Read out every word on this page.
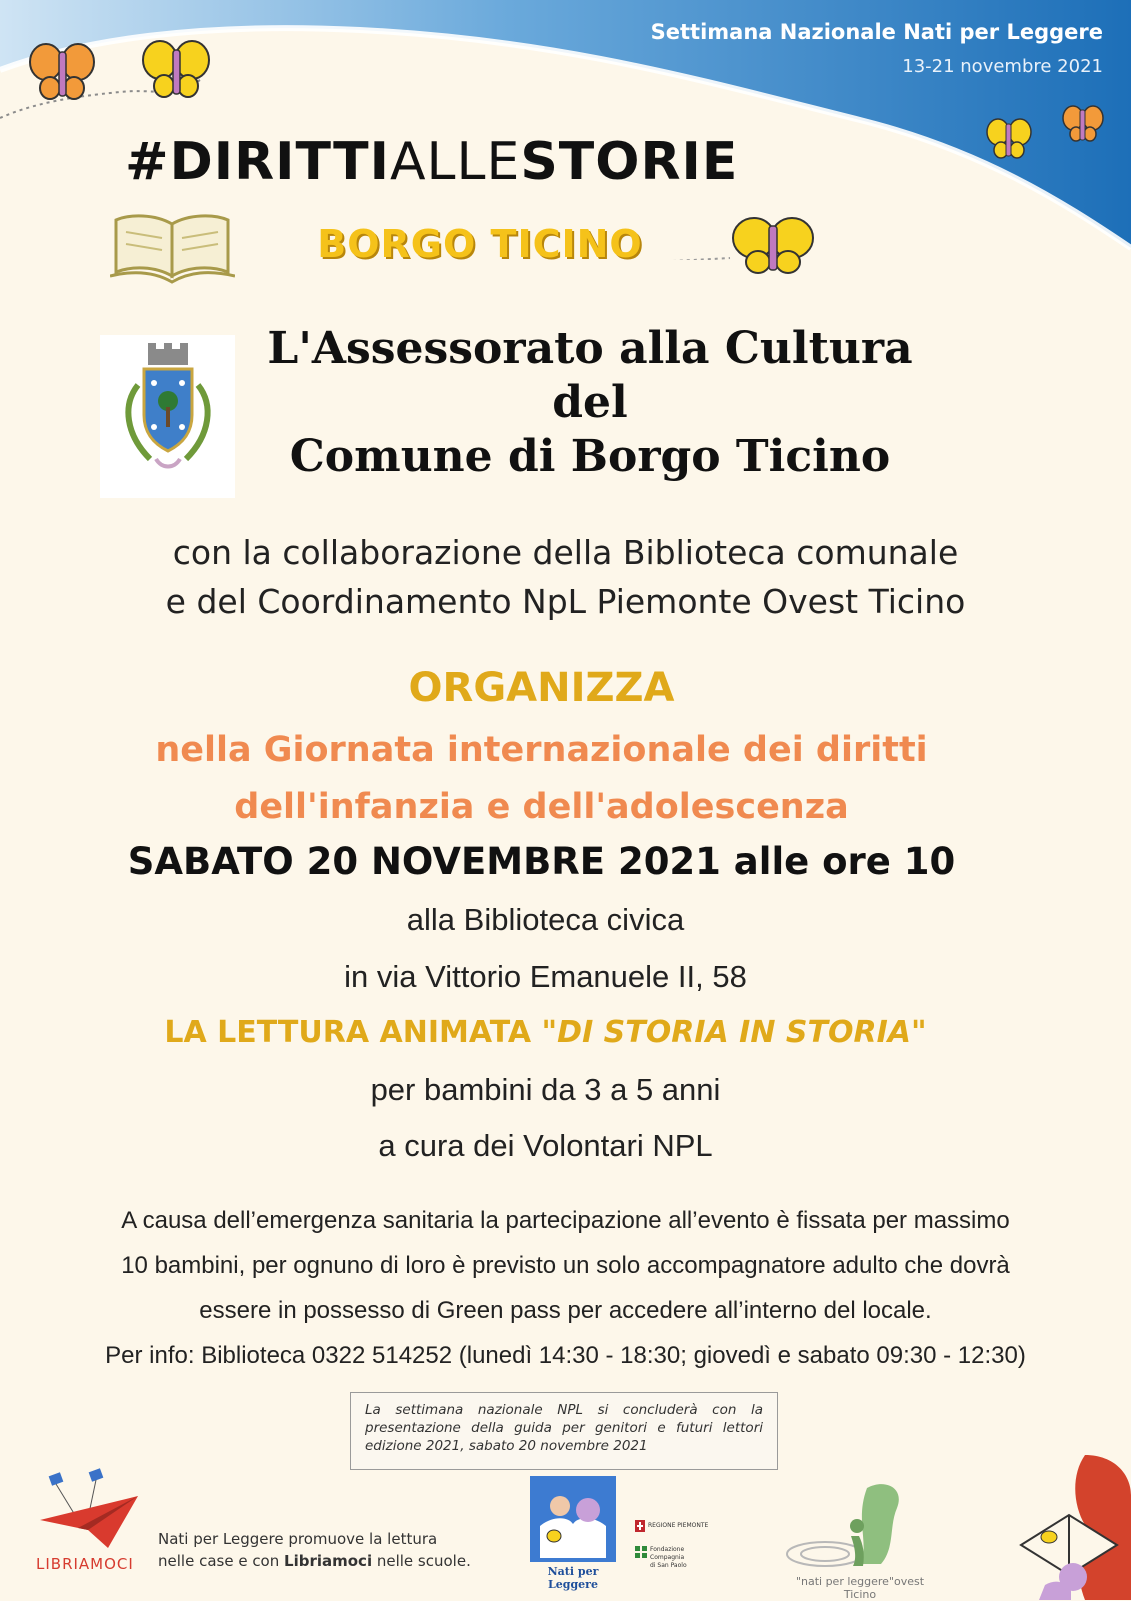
Settimana Nazionale Nati per Leggere
13-21 novembre 2021
#DIRITTIALLESTORIE
BORGO TICINO
L'Assessorato alla Cultura
del
Comune di Borgo Ticino
con la collaborazione della Biblioteca comunale
e del Coordinamento NpL Piemonte Ovest Ticino
ORGANIZZA
nella Giornata internazionale dei diritti
dell'infanzia e dell'adolescenza
SABATO 20 NOVEMBRE 2021 alle ore 10
alla Biblioteca civica
in via Vittorio Emanuele II, 58
LA LETTURA ANIMATA "DI STORIA IN STORIA"
per bambini da 3 a 5 anni
a cura dei Volontari NPL
A causa dell’emergenza sanitaria la partecipazione all’evento è fissata per massimo
10 bambini, per ognuno di loro è previsto un solo accompagnatore adulto che dovrà
essere in possesso di Green pass per accedere all’interno del locale.
Per info: Biblioteca 0322 514252 (lunedì 14:30 - 18:30; giovedì e sabato 09:30 - 12:30)
La settimana nazionale NPL si concluderà con la presentazione della guida per genitori e futuri lettori edizione 2021, sabato 20 novembre 2021
LIBRIAMOCI
Nati per Leggere promuove la lettura
nelle case e con Libriamoci nelle scuole.
Nati per Leggere
REGIONE PIEMONTE
Fondazione Compagnia di San Paolo
"nati per leggere"ovest Ticino
